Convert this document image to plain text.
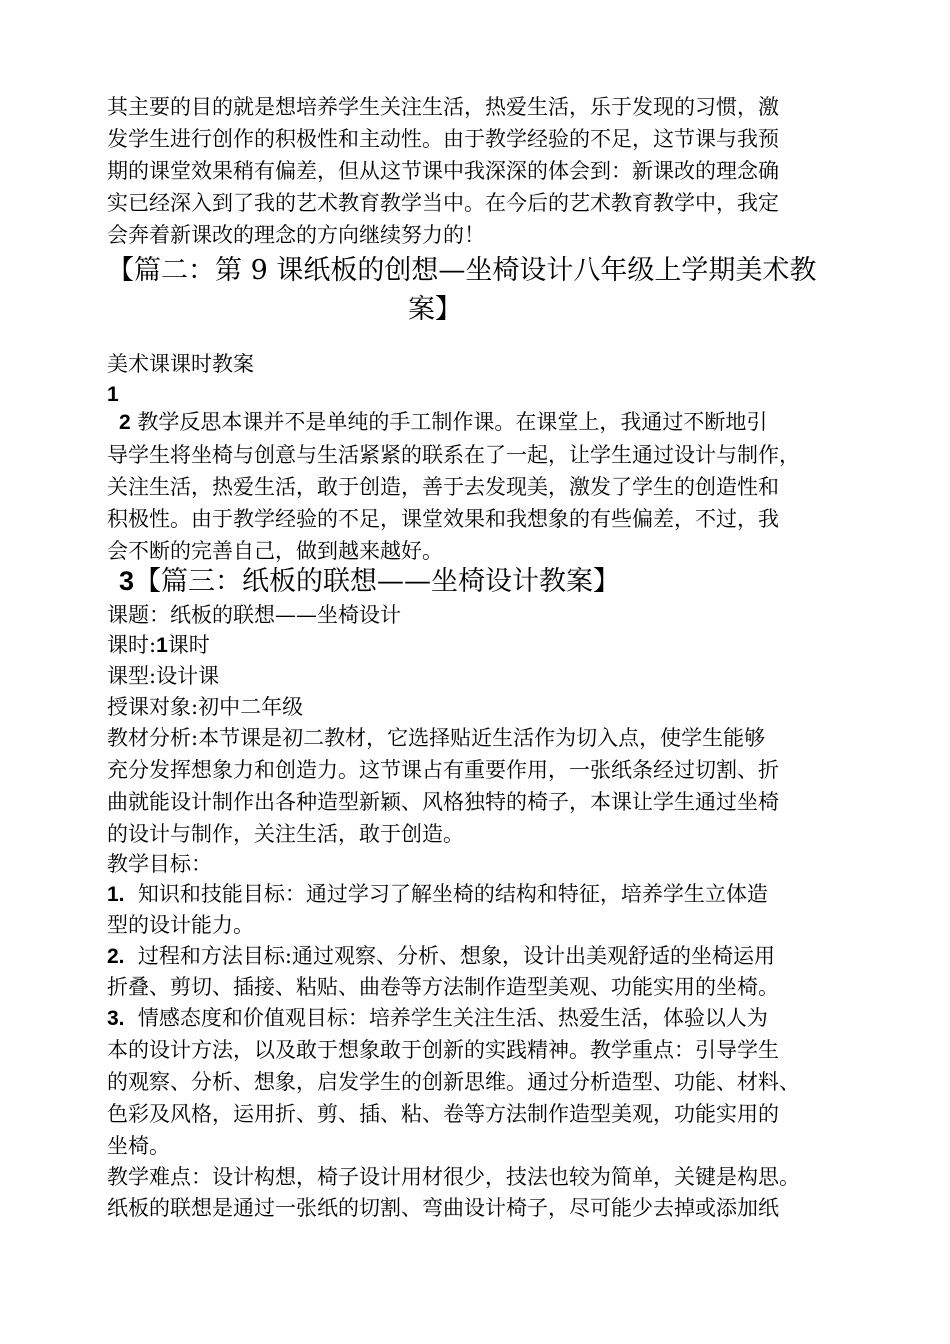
其主要的目的就是想培养学生关注生活，热爱生活，乐于发现的习惯，激
发学生进行创作的积极性和主动性。由于教学经验的不足，这节课与我预
期的课堂效果稍有偏差，但从这节课中我深深的体会到：新课改的理念确
实已经深入到了我的艺术教育教学当中。在今后的艺术教育教学中，我定
会奔着新课改的理念的方向继续努力的！
【篇二：第 9 课纸板的创想—坐椅设计八年级上学期美术教
案】
美术课课时教案
1
2 教学反思本课并不是单纯的手工制作课。在课堂上，我通过不断地引
导学生将坐椅与创意与生活紧紧的联系在了一起，让学生通过设计与制作，
关注生活，热爱生活，敢于创造，善于去发现美，激发了学生的创造性和
积极性。由于教学经验的不足，课堂效果和我想象的有些偏差，不过，我
会不断的完善自己，做到越来越好。
3【篇三：纸板的联想——坐椅设计教案】
课题：纸板的联想——坐椅设计
课时:1课时
课型:设计课
授课对象:初中二年级
教材分析:本节课是初二教材，它选择贴近生活作为切入点，使学生能够
充分发挥想象力和创造力。这节课占有重要作用，一张纸条经过切割、折
曲就能设计制作出各种造型新颖、风格独特的椅子，本课让学生通过坐椅
的设计与制作，关注生活，敢于创造。
教学目标：
1. 知识和技能目标：通过学习了解坐椅的结构和特征，培养学生立体造
型的设计能力。
2. 过程和方法目标:通过观察、分析、想象，设计出美观舒适的坐椅运用
折叠、剪切、插接、粘贴、曲卷等方法制作造型美观、功能实用的坐椅。
3. 情感态度和价值观目标：培养学生关注生活、热爱生活，体验以人为
本的设计方法，以及敢于想象敢于创新的实践精神。教学重点：引导学生
的观察、分析、想象，启发学生的创新思维。通过分析造型、功能、材料、
色彩及风格，运用折、剪、插、粘、卷等方法制作造型美观，功能实用的
坐椅。
教学难点：设计构想，椅子设计用材很少，技法也较为简单，关键是构思。
纸板的联想是通过一张纸的切割、弯曲设计椅子，尽可能少去掉或添加纸
